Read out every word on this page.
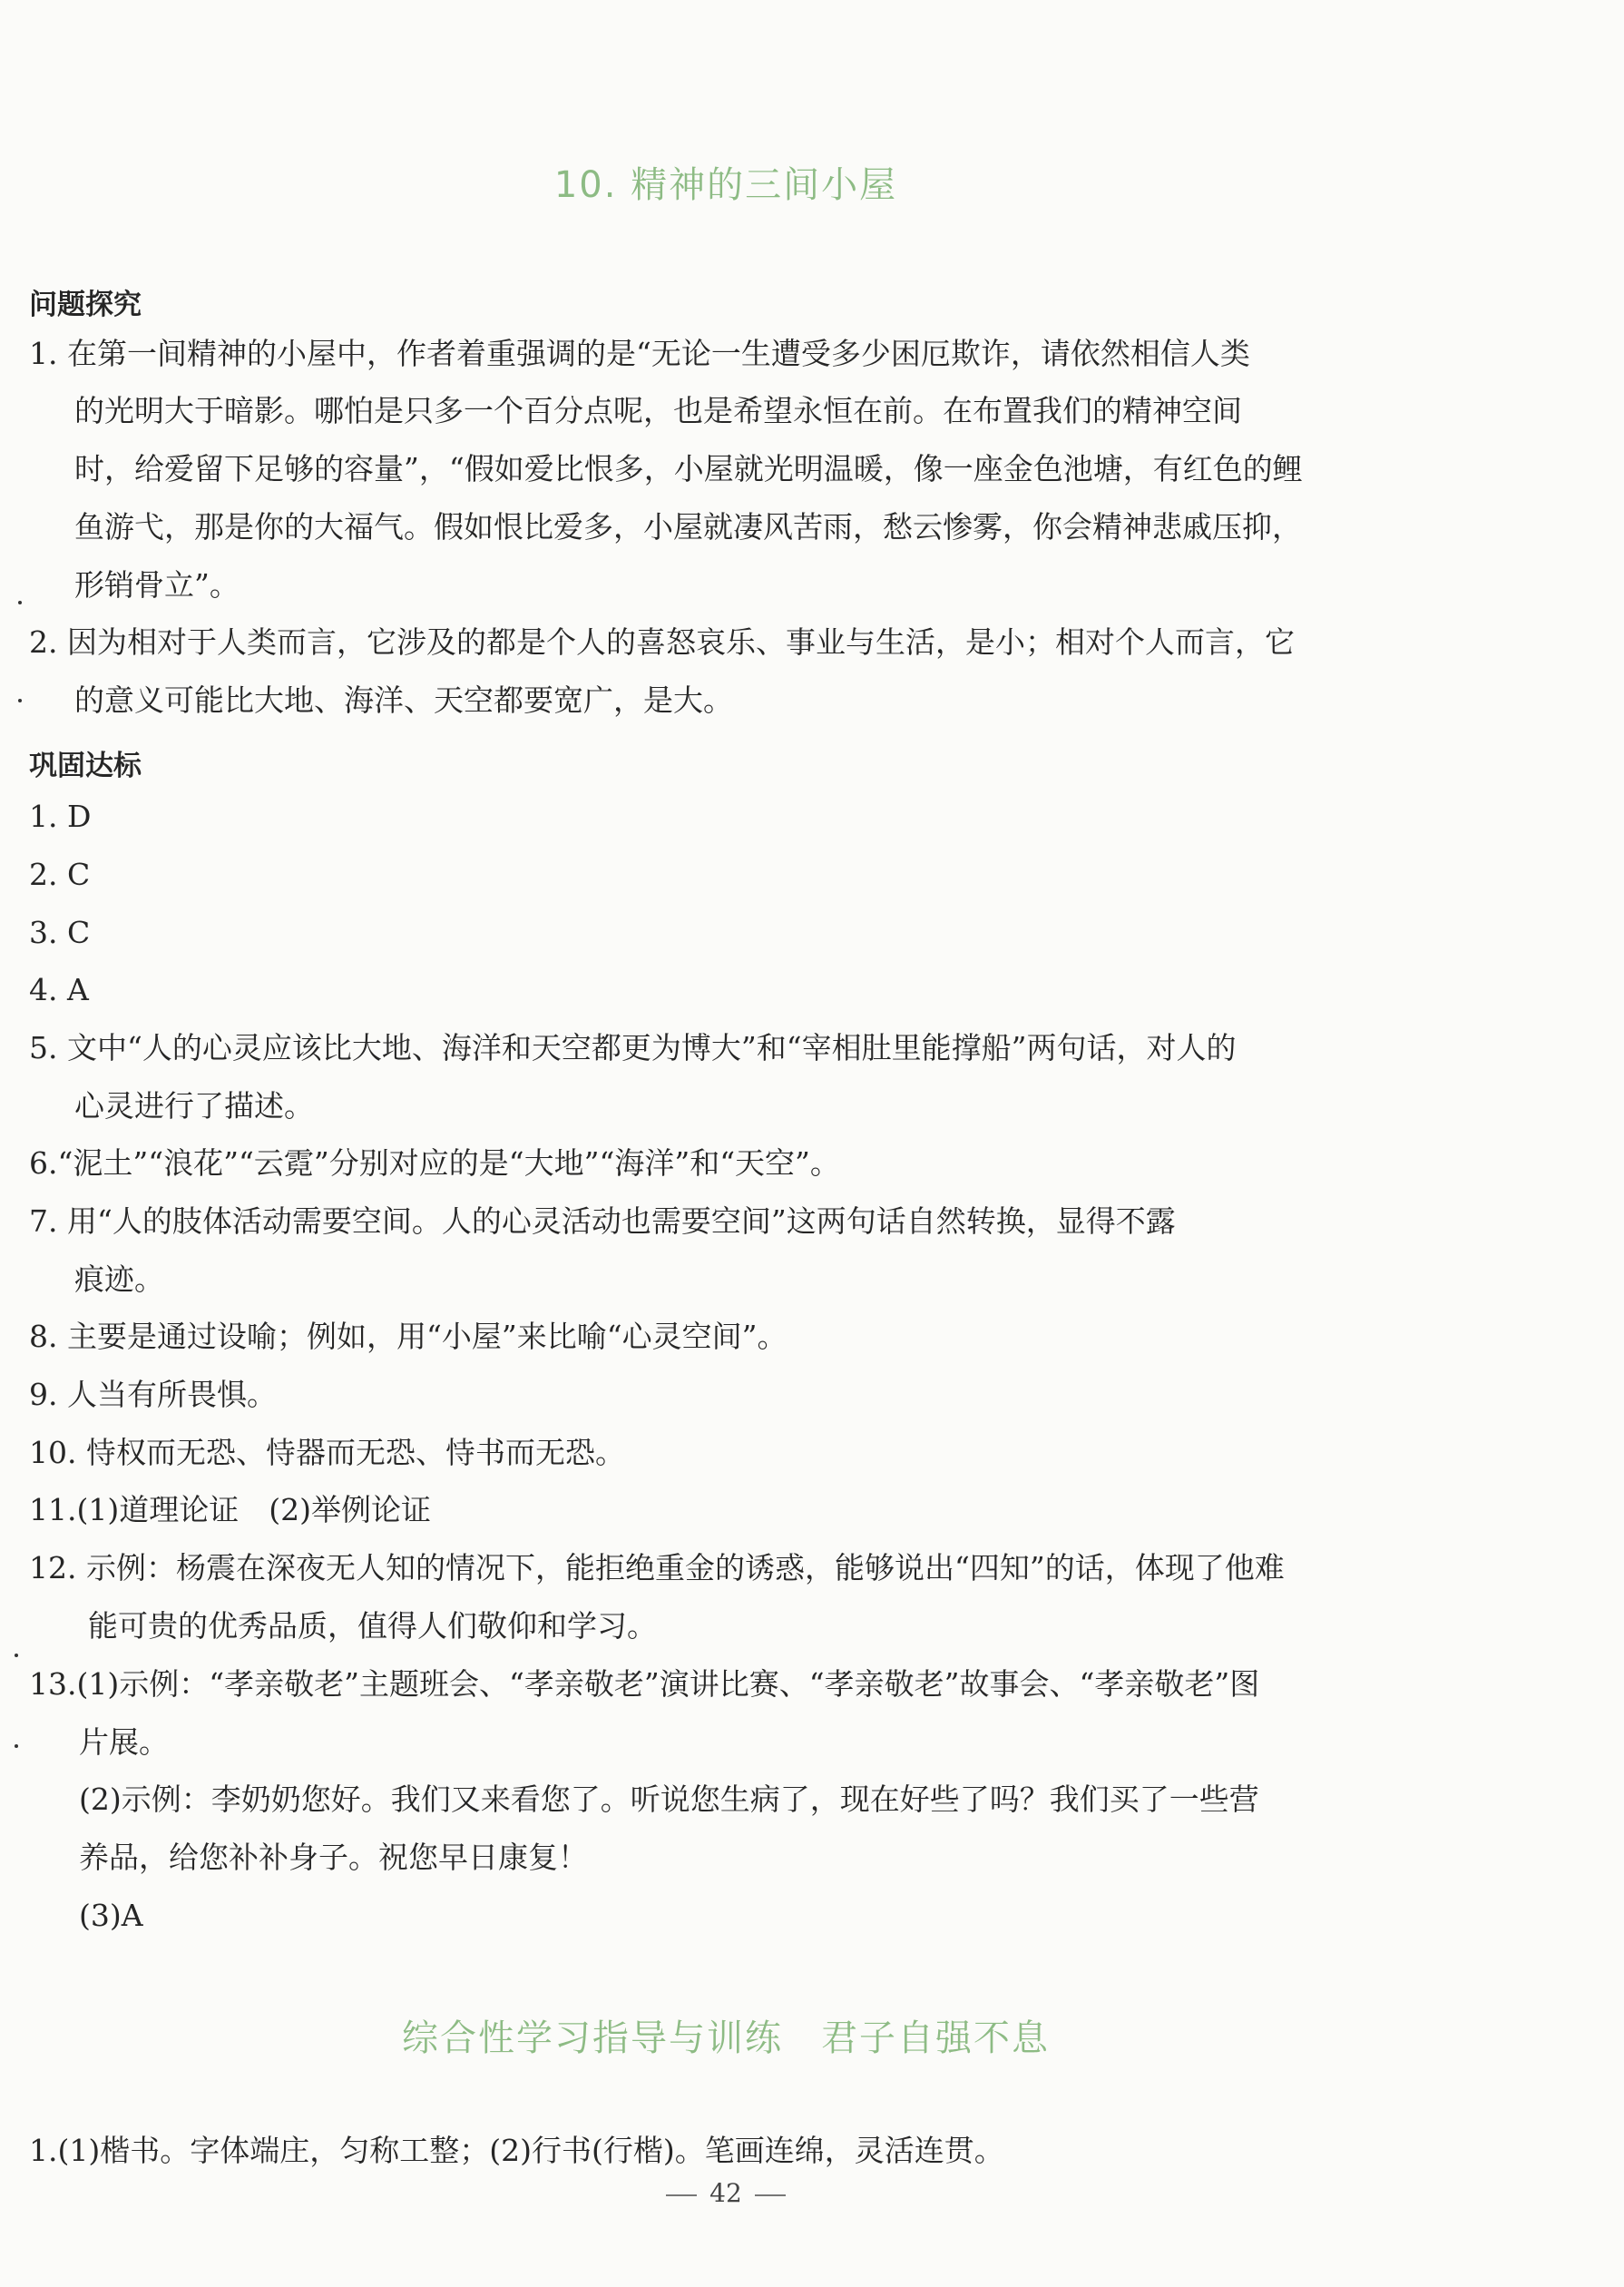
10. 精神的三间小屋
问题探究
1. 在第一间精神的小屋中，作者着重强调的是“无论一生遭受多少困厄欺诈，请依然相信人类
的光明大于暗影。哪怕是只多一个百分点呢，也是希望永恒在前。在布置我们的精神空间
时，给爱留下足够的容量”，“假如爱比恨多，小屋就光明温暖，像一座金色池塘，有红色的鲤
鱼游弋，那是你的大福气。假如恨比爱多，小屋就凄风苦雨，愁云惨雾，你会精神悲戚压抑，
形销骨立”。
2. 因为相对于人类而言，它涉及的都是个人的喜怒哀乐、事业与生活，是小；相对个人而言，它
的意义可能比大地、海洋、天空都要宽广，是大。
巩固达标
1. D
2. C
3. C
4. A
5. 文中“人的心灵应该比大地、海洋和天空都更为博大”和“宰相肚里能撑船”两句话，对人的
心灵进行了描述。
6.“泥土”“浪花”“云霓”分别对应的是“大地”“海洋”和“天空”。
7. 用“人的肢体活动需要空间。人的心灵活动也需要空间”这两句话自然转换，显得不露
痕迹。
8. 主要是通过设喻；例如，用“小屋”来比喻“心灵空间”。
9. 人当有所畏惧。
10. 恃权而无恐、恃器而无恐、恃书而无恐。
11.(1)道理论证　(2)举例论证
12. 示例：杨震在深夜无人知的情况下，能拒绝重金的诱惑，能够说出“四知”的话，体现了他难
能可贵的优秀品质，值得人们敬仰和学习。
13.(1)示例：“孝亲敬老”主题班会、“孝亲敬老”演讲比赛、“孝亲敬老”故事会、“孝亲敬老”图
片展。
(2)示例：李奶奶您好。我们又来看您了。听说您生病了，现在好些了吗？我们买了一些营
养品，给您补补身子。祝您早日康复！
(3)A
综合性学习指导与训练　君子自强不息
1.(1)楷书。字体端庄，匀称工整；(2)行书(行楷)。笔画连绵，灵活连贯。
42
